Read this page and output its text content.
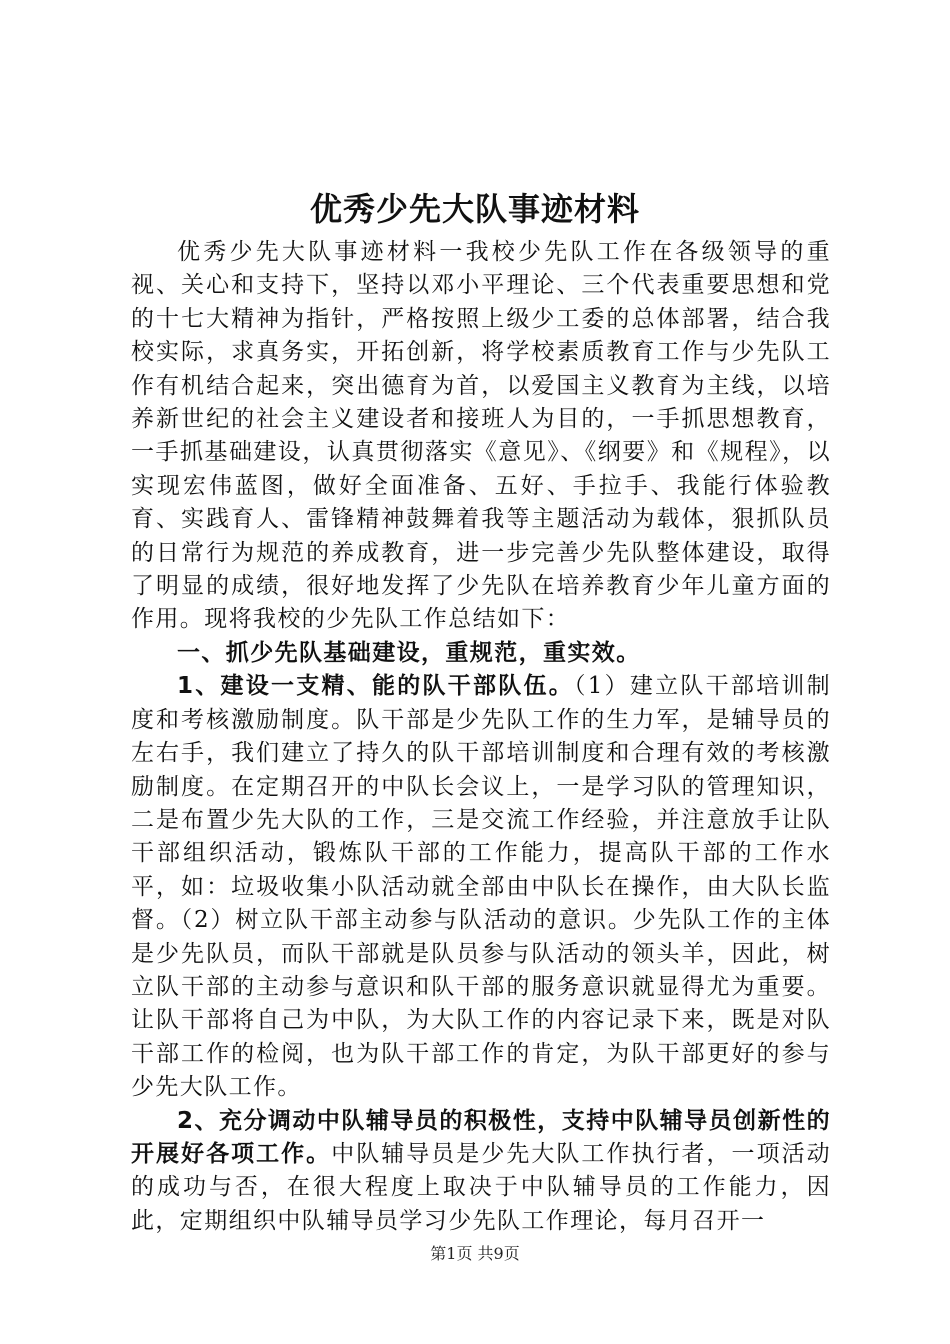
优秀少先大队事迹材料

优秀少先大队事迹材料一我校少先队工作在各级领导的重视、关心和支持下，坚持以邓小平理论、三个代表重要思想和党的十七大精神为指针，严格按照上级少工委的总体部署，结合我校实际，求真务实，开拓创新，将学校素质教育工作与少先队工作有机结合起来，突出德育为首，以爱国主义教育为主线，以培养新世纪的社会主义建设者和接班人为目的，一手抓思想教育，一手抓基础建设，认真贯彻落实《意见》、《纲要》和《规程》，以实现宏伟蓝图，做好全面准备、五好、手拉手、我能行体验教育、实践育人、雷锋精神鼓舞着我等主题活动为载体，狠抓队员的日常行为规范的养成教育，进一步完善少先队整体建设，取得了明显的成绩，很好地发挥了少先队在培养教育少年儿童方面的作用。现将我校的少先队工作总结如下：

一、抓少先队基础建设，重规范，重实效。

1、建设一支精、能的队干部队伍。（1）建立队干部培训制度和考核激励制度。队干部是少先队工作的生力军，是辅导员的左右手，我们建立了持久的队干部培训制度和合理有效的考核激励制度。在定期召开的中队长会议上，一是学习队的管理知识，二是布置少先大队的工作，三是交流工作经验，并注意放手让队干部组织活动，锻炼队干部的工作能力，提高队干部的工作水平，如：垃圾收集小队活动就全部由中队长在操作，由大队长监督。（2）树立队干部主动参与队活动的意识。少先队工作的主体是少先队员，而队干部就是队员参与队活动的领头羊，因此，树立队干部的主动参与意识和队干部的服务意识就显得尤为重要。让队干部将自己为中队，为大队工作的内容记录下来，既是对队干部工作的检阅，也为队干部工作的肯定，为队干部更好的参与少先大队工作。

2、充分调动中队辅导员的积极性，支持中队辅导员创新性的开展好各项工作。中队辅导员是少先大队工作执行者，一项活动的成功与否，在很大程度上取决于中队辅导员的工作能力，因此，定期组织中队辅导员学习少先队工作理论，每月召开一

第1页 共9页
